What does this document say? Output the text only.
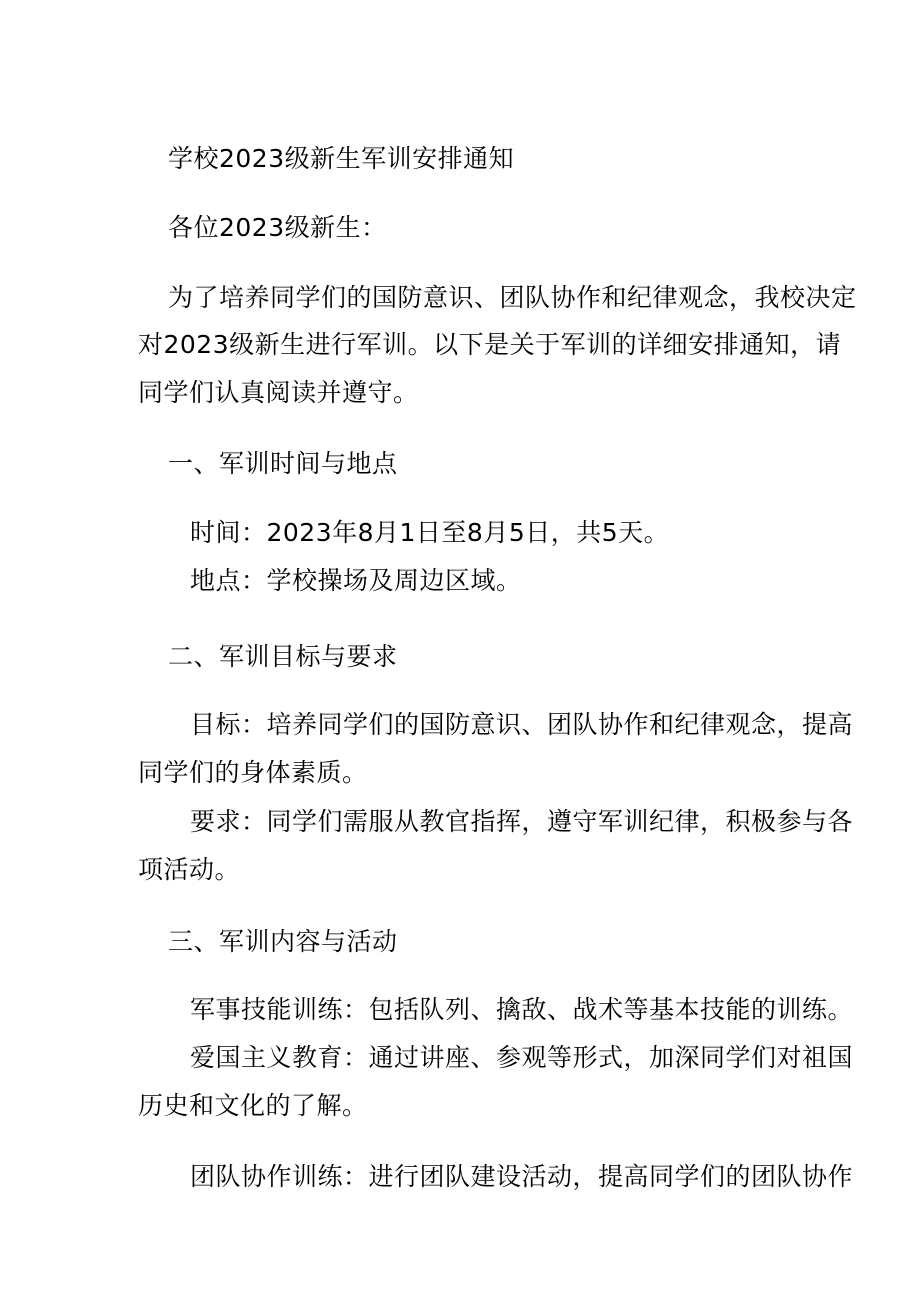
学校2023级新生军训安排通知
各位2023级新生：
为了培养同学们的国防意识、团队协作和纪律观念，我校决定
对2023级新生进行军训。以下是关于军训的详细安排通知，请
同学们认真阅读并遵守。
一、军训时间与地点
时间：2023年8月1日至8月5日，共5天。
地点：学校操场及周边区域。
二、军训目标与要求
目标：培养同学们的国防意识、团队协作和纪律观念，提高
同学们的身体素质。
要求：同学们需服从教官指挥，遵守军训纪律，积极参与各
项活动。
三、军训内容与活动
军事技能训练：包括队列、擒敌、战术等基本技能的训练。
爱国主义教育：通过讲座、参观等形式，加深同学们对祖国
历史和文化的了解。
团队协作训练：进行团队建设活动，提高同学们的团队协作
